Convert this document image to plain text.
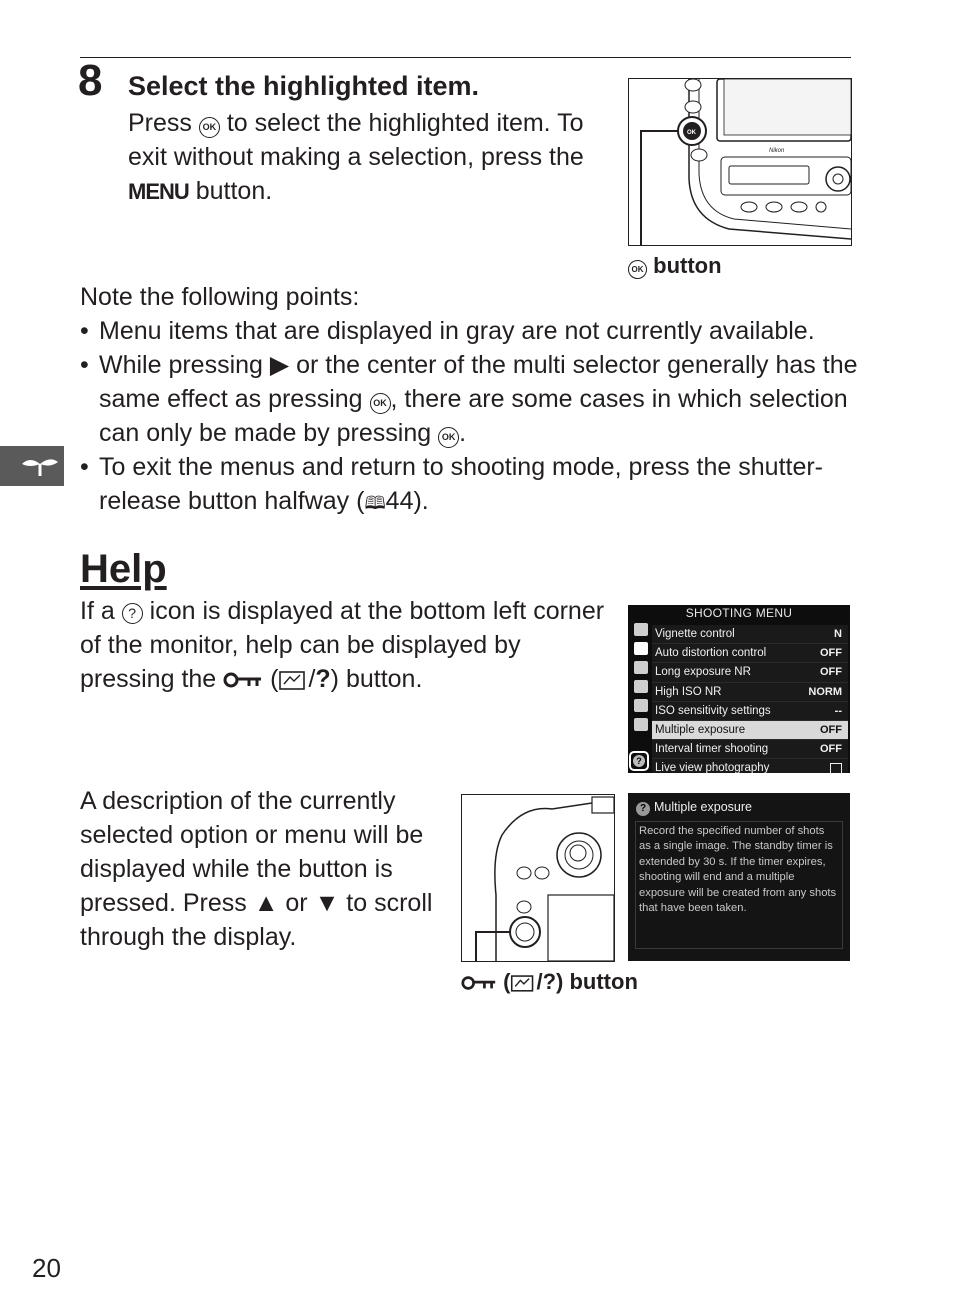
8 Select the highlighted item.
Press OK to select the highlighted item. To exit without making a selection, press the MENU button.
Nikon
OK
OK button
Note the following points:
• Menu items that are displayed in gray are not currently available.
• While pressing ▶ or the center of the multi selector generally has the same effect as pressing OK , there are some cases in which selection can only be made by pressing OK .
• To exit the menus and return to shooting mode, press the shutter-release button halfway (🕮44).
Help
If a ? icon is displayed at the bottom left corner of the monitor, help can be displayed by pressing the ( /?) button.
SHOOTING MENU
Vignette control	N
Auto distortion control	OFF
Long exposure NR	OFF
High ISO NR	NORM
ISO sensitivity settings	--
Multiple exposure	OFF
Interval timer shooting	OFF
Live view photography
?
A description of the currently selected option or menu will be displayed while the button is pressed. Press ▲ or ▼ to scroll through the display.
? Multiple exposure
Record the specified number of shots as a single image. The standby timer is extended by 30 s. If the timer expires, shooting will end and a multiple exposure will be created from any shots that have been taken.
( /?) button
20
